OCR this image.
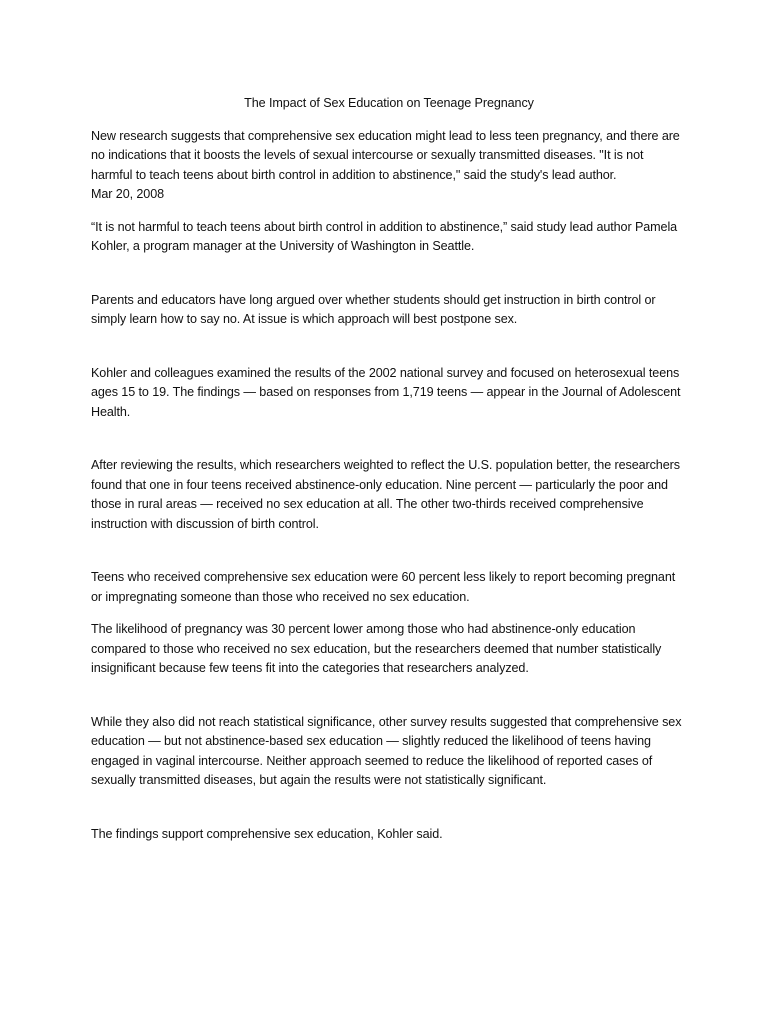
The Impact of Sex Education on Teenage Pregnancy

New research suggests that comprehensive sex education might lead to less teen pregnancy, and there are no indications that it boosts the levels of sexual intercourse or sexually transmitted diseases. "It is not harmful to teach teens about birth control in addition to abstinence," said the study's lead author.

Mar 20, 2008

“It is not harmful to teach teens about birth control in addition to abstinence,” said study lead author Pamela Kohler, a program manager at the University of Washington in Seattle.

Parents and educators have long argued over whether students should get instruction in birth control or simply learn how to say no. At issue is which approach will best postpone sex.

Kohler and colleagues examined the results of the 2002 national survey and focused on heterosexual teens ages 15 to 19. The findings — based on responses from 1,719 teens — appear in the Journal of Adolescent Health.

After reviewing the results, which researchers weighted to reflect the U.S. population better, the researchers found that one in four teens received abstinence-only education. Nine percent — particularly the poor and those in rural areas — received no sex education at all. The other two-thirds received comprehensive instruction with discussion of birth control.

Teens who received comprehensive sex education were 60 percent less likely to report becoming pregnant or impregnating someone than those who received no sex education.

The likelihood of pregnancy was 30 percent lower among those who had abstinence-only education compared to those who received no sex education, but the researchers deemed that number statistically insignificant because few teens fit into the categories that researchers analyzed.

While they also did not reach statistical significance, other survey results suggested that comprehensive sex education — but not abstinence-based sex education — slightly reduced the likelihood of teens having engaged in vaginal intercourse. Neither approach seemed to reduce the likelihood of reported cases of sexually transmitted diseases, but again the results were not statistically significant.

The findings support comprehensive sex education, Kohler said.
